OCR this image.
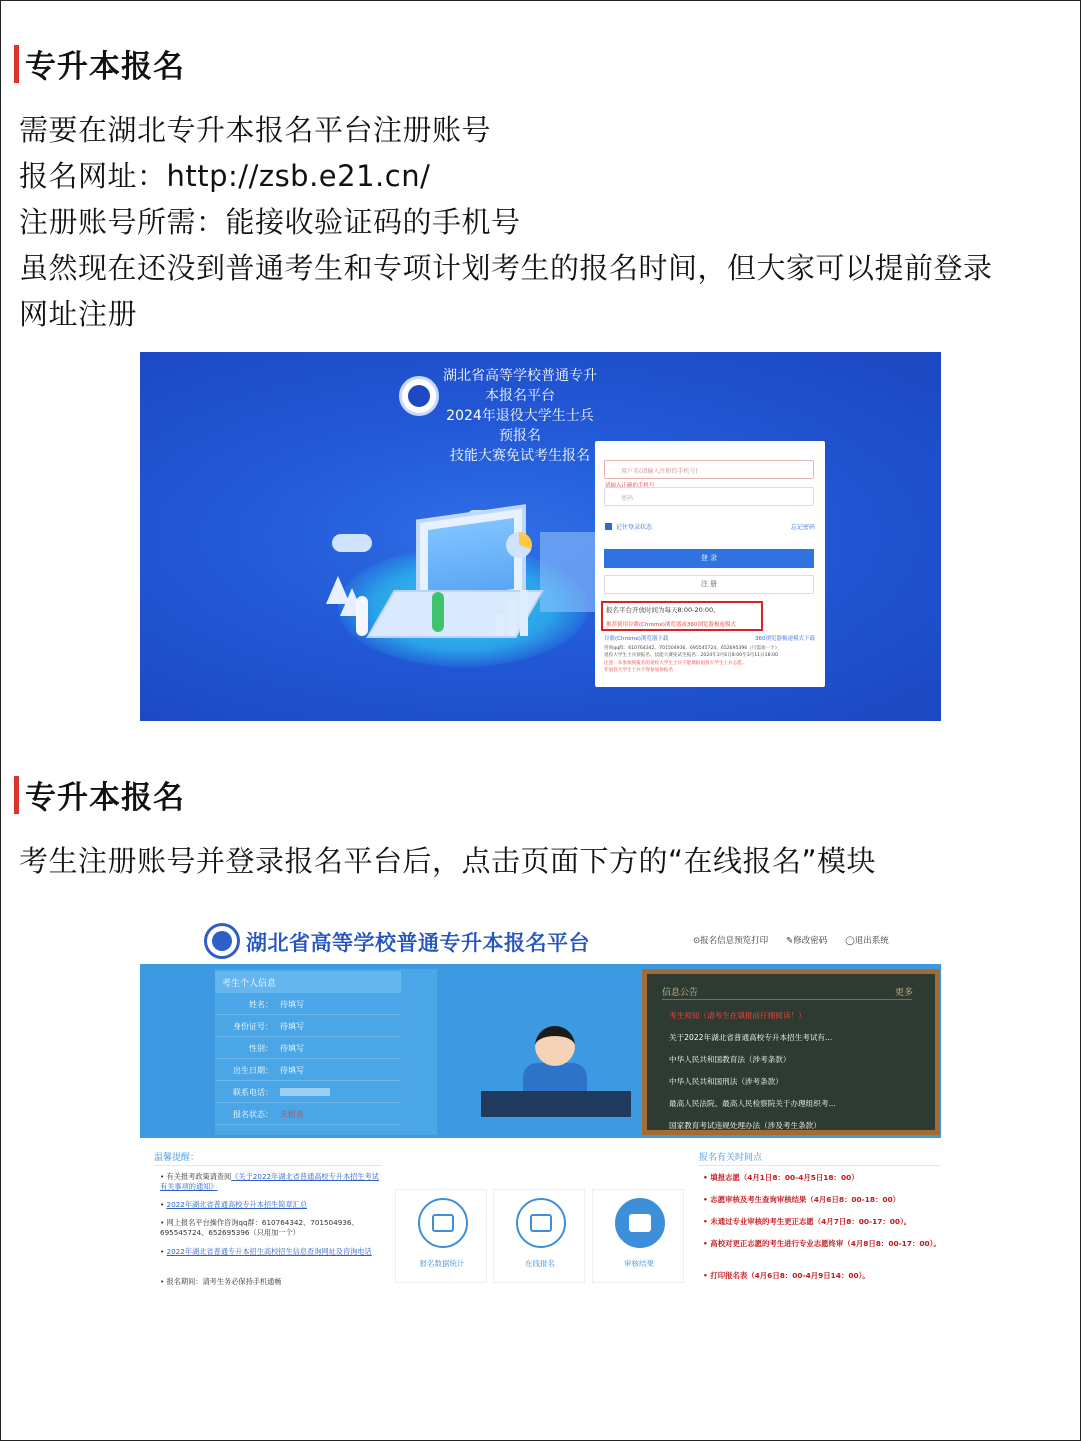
专升本报名
需要在湖北专升本报名平台注册账号
报名网址：http://zsb.e21.cn/
注册账号所需：能接收验证码的手机号
虽然现在还没到普通考生和专项计划考生的报名时间，但大家可以提前登录
网址注册
湖北省高等学校普通专升本报名平台
2024年退役大学生士兵预报名
技能大赛免试考生报名
用户名(请输入注册的手机号)
请输入正确的手机号
密码
记住登录状态	忘记密码
登 录
注 册
报名平台开放时间为每天8:00-20:00。
推荐使用谷歌(Chrome)浏览器或360浏览器极速模式
谷歌(Chrome)浏览器下载	360浏览器极速模式下载
咨询qq群：610764342、701504936、695545724、652695396（只需加一个）
退役大学生士兵预报名、技能大赛免试生报名：2024年3月6日8:00至3月11日18:00
注意：未参加预报名的退役大学生士兵不能填报退役大学生士兵志愿。
非退役大学生士兵不得参加预报名
专升本报名
考生注册账号并登录报名平台后，点击页面下方的“在线报名”模块
湖北省高等学校普通专升本报名平台	⊙报名信息预览打印 ✎修改密码 ◯退出系统
考生个人信息
姓名： 待填写
身份证号： 待填写
性别： 待填写
出生日期： 待填写
联系电话：
报名状态： 未报名
信息公告	更多
考生须知（请考生在填报前仔细阅读！）
关于2022年湖北省普通高校专升本招生考试有...
中华人民共和国教育法（涉考条款）
中华人民共和国刑法（涉考条款）
最高人民法院、最高人民检察院关于办理组织考...
国家教育考试违规处理办法（涉及考生条款）
温馨提醒：
• 有关报考政策请查阅《关于2022年湖北省普通高校专升本招生考试有关事项的通知》
• 2022年湖北省普通高校专升本招生简章汇总
• 网上报名平台操作咨询qq群：610764342、701504936、695545724、652695396（只用加一个）
• 2022年湖北省普通专升本招生高校招生信息查询网址及咨询电话
• 报名期间：请考生务必保持手机通畅
报名数据统计	在线报名	审核结果
报名有关时间点
• 填报志愿（4月1日8：00-4月5日18：00）
• 志愿审核及考生查询审核结果（4月6日8：00-18：00）
• 未通过专业审核的考生更正志愿（4月7日8：00-17：00）。
• 高校对更正志愿的考生进行专业志愿终审（4月8日8：00-17：00）。
• 打印报名表（4月6日8：00-4月9日14：00）。
